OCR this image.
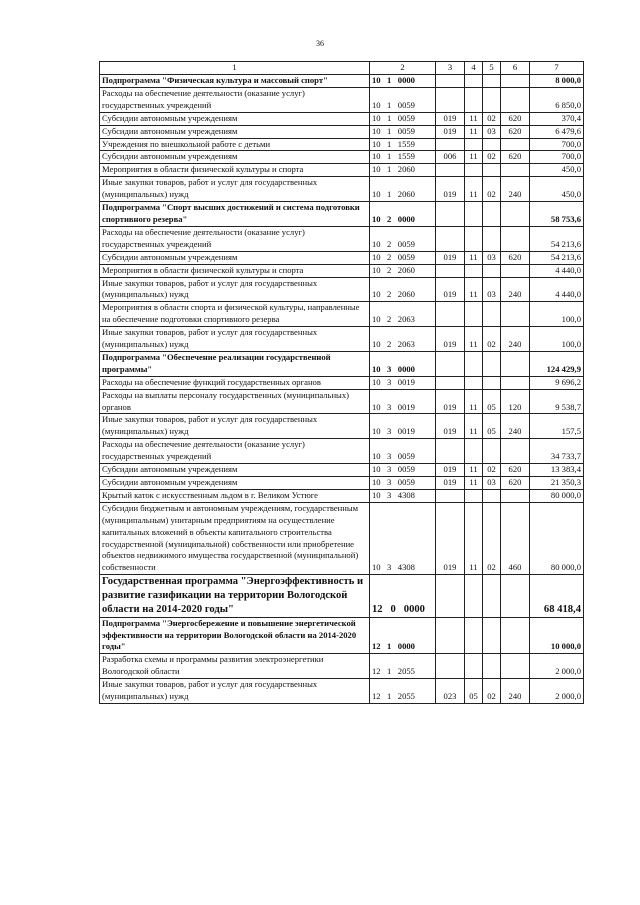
36
1	2	3	4	5	6	7
Подпрограмма "Физическая культура и массовый спорт"	10   1   0000					8 000,0
Расходы на обеспечение деятельности (оказание услуг) государственных учреждений	10   1   0059					6 850,0
Субсидии автономным учреждениям	10   1   0059	019	11	02	620	370,4
Субсидии автономным учреждениям	10   1   0059	019	11	03	620	6 479,6
Учреждения по внешкольной работе с детьми	10   1   1559					700,0
Субсидии автономным учреждениям	10   1   1559	006	11	02	620	700,0
Мероприятия в области физической культуры и спорта	10   1   2060					450,0
Иные закупки товаров, работ и услуг для государственных (муниципальных) нужд	10   1   2060	019	11	02	240	450,0
Подпрограмма "Спорт высших достижений и система подготовки спортивного резерва"	10   2   0000					58 753,6
Расходы на обеспечение деятельности (оказание услуг) государственных учреждений	10   2   0059					54 213,6
Субсидии автономным учреждениям	10   2   0059	019	11	03	620	54 213,6
Мероприятия в области физической культуры и спорта	10   2   2060					4 440,0
Иные закупки товаров, работ и услуг для государственных (муниципальных) нужд	10   2   2060	019	11	03	240	4 440,0
Мероприятия в области спорта и физической культуры, направленные на обеспечение подготовки спортивного резерва	10   2   2063					100,0
Иные закупки товаров, работ и услуг для государственных (муниципальных) нужд	10   2   2063	019	11	02	240	100,0
Подпрограмма "Обеспечение реализации государственной программы"	10   3   0000					124 429,9
Расходы на обеспечение функций государственных органов	10   3   0019					9 696,2
Расходы на выплаты персоналу государственных (муниципальных) органов	10   3   0019	019	11	05	120	9 538,7
Иные закупки товаров, работ и услуг для государственных (муниципальных) нужд	10   3   0019	019	11	05	240	157,5
Расходы на обеспечение деятельности (оказание услуг) государственных учреждений	10   3   0059					34 733,7
Субсидии автономным учреждениям	10   3   0059	019	11	02	620	13 383,4
Субсидии автономным учреждениям	10   3   0059	019	11	03	620	21 350,3
Крытый каток с искусственным льдом в г. Великом Устюге	10   3   4308					80 000,0
Субсидии бюджетным и автономным учреждениям, государственным (муниципальным) унитарным предприятиям на осуществление капитальных вложений в объекты капитального строительства государственной (муниципальной) собственности или приобретение объектов недвижимого имущества государственной (муниципальной) собственности	10   3   4308	019	11	02	460	80 000,0
Государственная программа "Энергоэффективность и развитие газификации на территории Вологодской области на 2014-2020 годы"	12   0   0000					68 418,4
Подпрограмма "Энергосбережение и повышение энергетической эффективности на территории Вологодской области на 2014-2020 годы"	12   1   0000					10 000,0
Разработка схемы и программы развития электроэнергетики Вологодской области	12   1   2055					2 000,0
Иные закупки товаров, работ и услуг для государственных (муниципальных) нужд	12   1   2055	023	05	02	240	2 000,0
